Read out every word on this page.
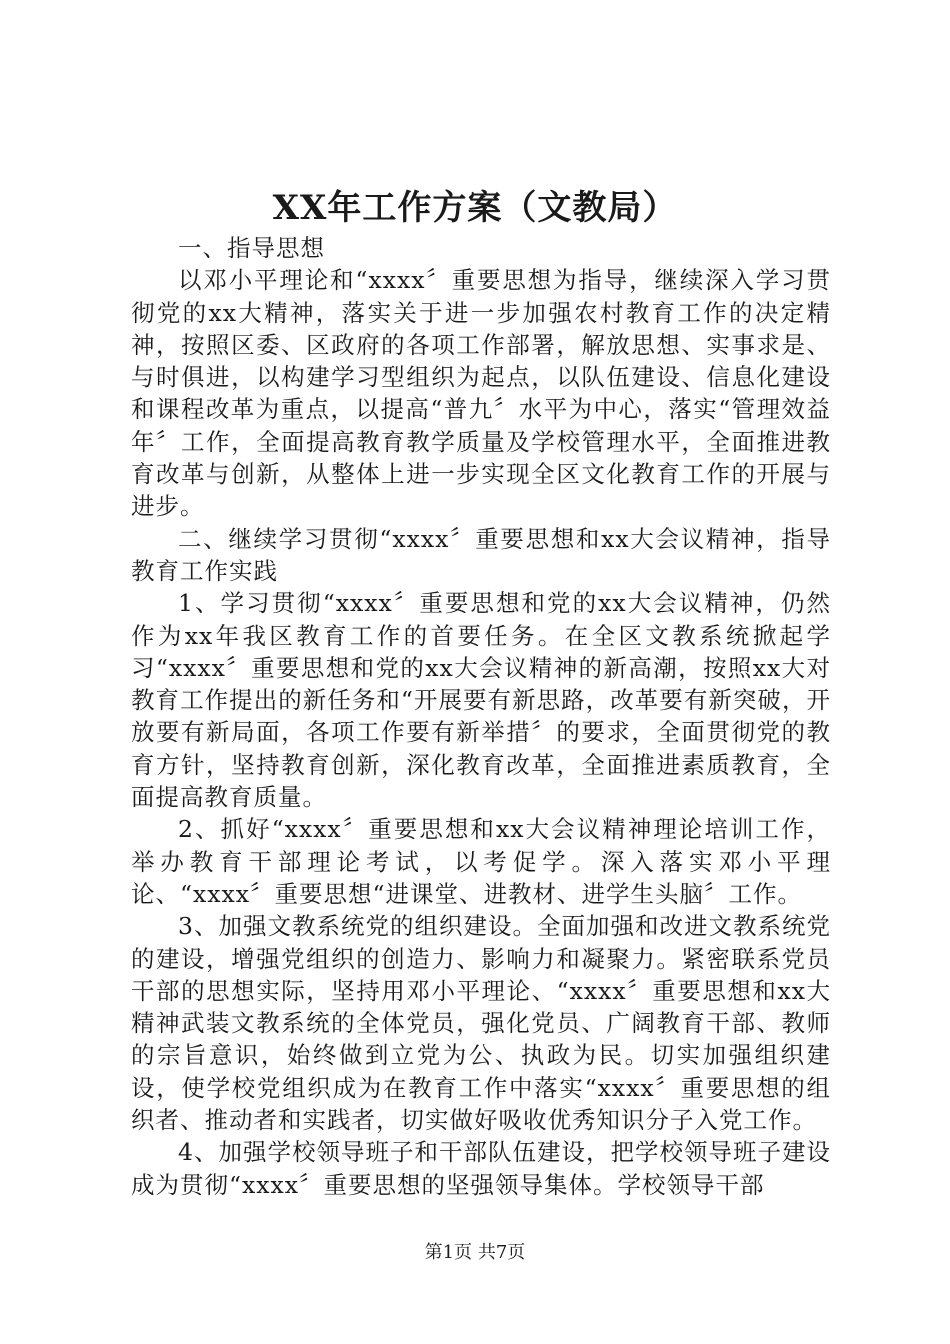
XX年工作方案（文教局）

一、指导思想

以邓小平理论和“xxxx〞重要思想为指导，继续深入学习贯彻党的xx大精神，落实关于进一步加强农村教育工作的决定精神，按照区委、区政府的各项工作部署，解放思想、实事求是、与时俱进，以构建学习型组织为起点，以队伍建设、信息化建设和课程改革为重点，以提高“普九〞水平为中心，落实“管理效益年〞工作，全面提高教育教学质量及学校管理水平，全面推进教育改革与创新，从整体上进一步实现全区文化教育工作的开展与进步。

二、继续学习贯彻“xxxx〞重要思想和xx大会议精神，指导教育工作实践

1、学习贯彻“xxxx〞重要思想和党的xx大会议精神，仍然作为xx年我区教育工作的首要任务。在全区文教系统掀起学习“xxxx〞重要思想和党的xx大会议精神的新高潮，按照xx大对教育工作提出的新任务和“开展要有新思路，改革要有新突破，开放要有新局面，各项工作要有新举措〞的要求，全面贯彻党的教育方针，坚持教育创新，深化教育改革，全面推进素质教育，全面提高教育质量。

2、抓好“xxxx〞重要思想和xx大会议精神理论培训工作，举办教育干部理论考试，以考促学。深入落实邓小平理论、“xxxx〞重要思想“进课堂、进教材、进学生头脑〞工作。

3、加强文教系统党的组织建设。全面加强和改进文教系统党的建设，增强党组织的创造力、影响力和凝聚力。紧密联系党员干部的思想实际，坚持用邓小平理论、“xxxx〞重要思想和xx大精神武装文教系统的全体党员，强化党员、广阔教育干部、教师的宗旨意识，始终做到立党为公、执政为民。切实加强组织建设，使学校党组织成为在教育工作中落实“xxxx〞重要思想的组织者、推动者和实践者，切实做好吸收优秀知识分子入党工作。

4、加强学校领导班子和干部队伍建设，把学校领导班子建设成为贯彻“xxxx〞重要思想的坚强领导集体。学校领导干部

第1页 共7页
